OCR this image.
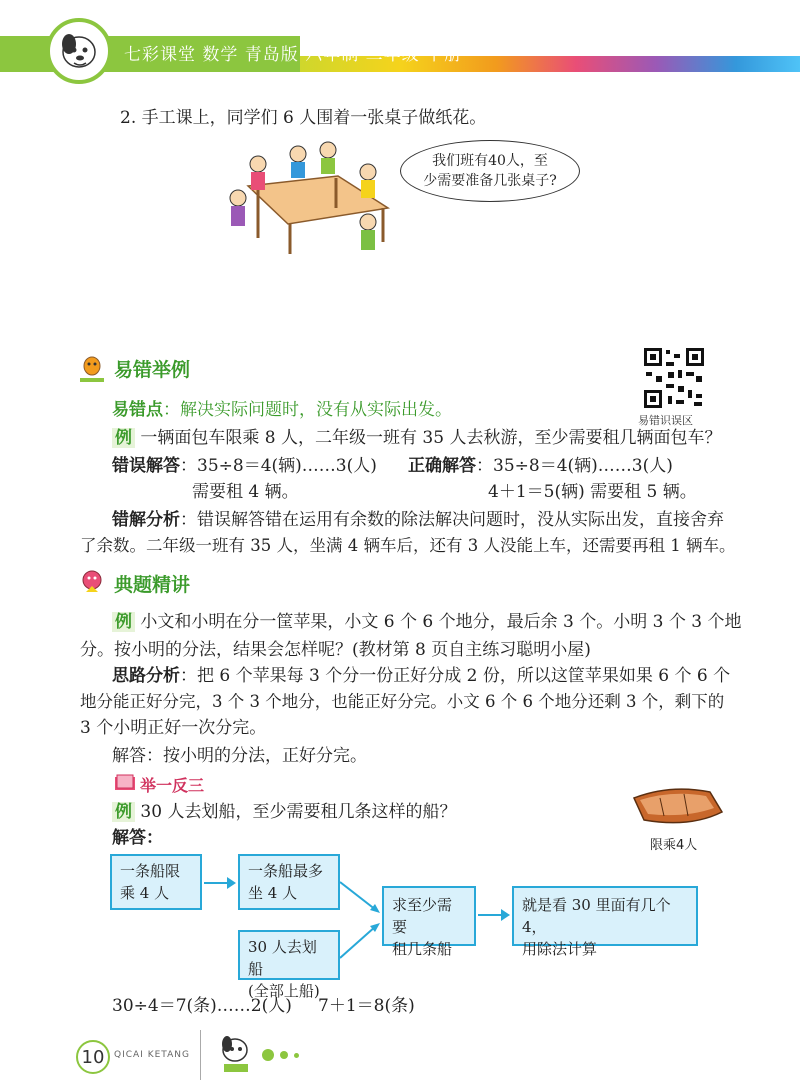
七彩课堂 数学 青岛版·六年制 二年级 下册
2. 手工课上，同学们 6 人围着一张桌子做纸花。
我们班有40人，至
少需要准备几张桌子?
易错举例
易错识误区
易错点：解决实际问题时，没有从实际出发。
例 一辆面包车限乘 8 人，二年级一班有 35 人去秋游，至少需要租几辆面包车？
错误解答：35÷8＝4(辆)……3(人) 正确解答：35÷8＝4(辆)……3(人)
需要租 4 辆。	4＋1＝5(辆) 需要租 5 辆。
错解分析：错误解答错在运用有余数的除法解决问题时，没从实际出发，直接舍弃
了余数。二年级一班有 35 人，坐满 4 辆车后，还有 3 人没能上车，还需要再租 1 辆车。
典题精讲
例 小文和小明在分一筐苹果，小文 6 个 6 个地分，最后余 3 个。小明 3 个 3 个地
分。按小明的分法，结果会怎样呢？(教材第 8 页自主练习聪明小屋)
思路分析：把 6 个苹果每 3 个分一份正好分成 2 份，所以这筐苹果如果 6 个 6 个
地分能正好分完，3 个 3 个地分，也能正好分完。小文 6 个 6 个地分还剩 3 个，剩下的
3 个小明正好一次分完。
解答：按小明的分法，正好分完。
举一反三
例 30 人去划船，至少需要租几条这样的船？
解答：	限乘4人
一条船限
乘 4 人
一条船最多
坐 4 人
30 人去划船
(全部上船)
求至少需要
租几条船
就是看 30 里面有几个4，
用除法计算
30÷4＝7(条)……2(人) 7＋1＝8(条)
10	QICAI KETANG
